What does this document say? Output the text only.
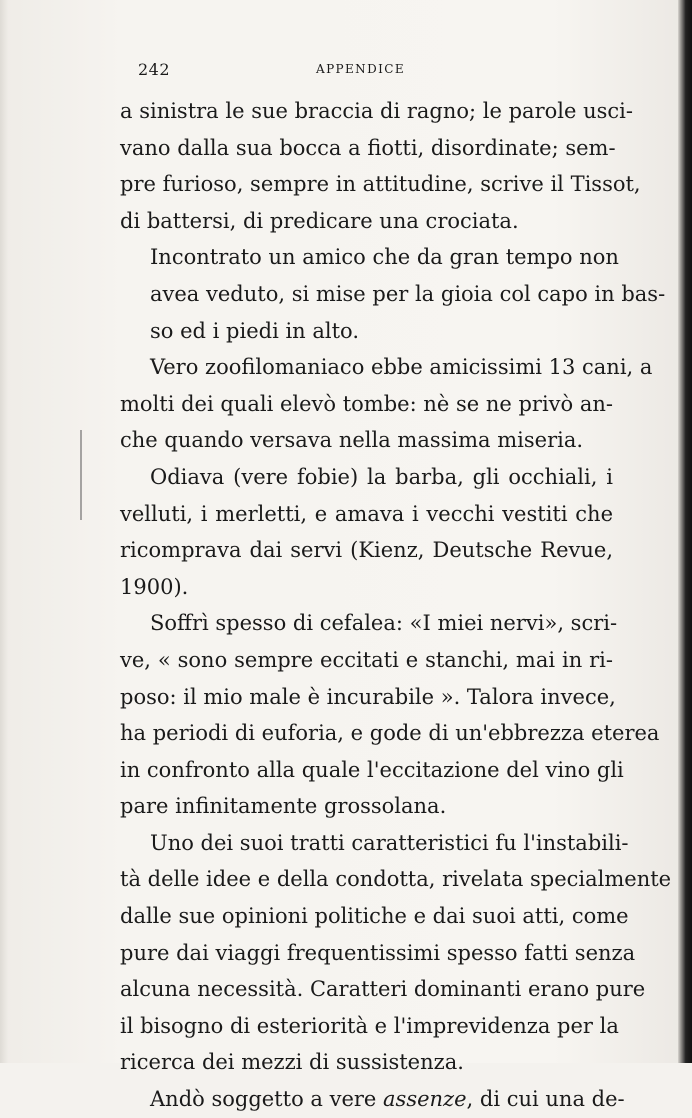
242	APPENDICE

a sinistra le sue braccia di ragno; le parole usci-
vano dalla sua bocca a fiotti, disordinate; sem-
pre furioso, sempre in attitudine, scrive il Tissot,
di battersi, di predicare una crociata.

Incontrato un amico che da gran tempo non
avea veduto, si mise per la gioia col capo in bas-
so ed i piedi in alto.

Vero zoofilomaniaco ebbe amicissimi 13 cani, a
molti dei quali elevò tombe: nè se ne privò an-
che quando versava nella massima miseria.

Odiava (vere fobie) la barba, gli occhiali, i
velluti, i merletti, e amava i vecchi vestiti che
ricomprava dai servi (Kienz, Deutsche Revue,
1900).

Soffrì spesso di cefalea: «I miei nervi», scri-
ve, « sono sempre eccitati e stanchi, mai in ri-
poso: il mio male è incurabile ». Talora invece,
ha periodi di euforia, e gode di un'ebbrezza eterea
in confronto alla quale l'eccitazione del vino gli
pare infinitamente grossolana.

Uno dei suoi tratti caratteristici fu l'instabili-
tà delle idee e della condotta, rivelata specialmente
dalle sue opinioni politiche e dai suoi atti, come
pure dai viaggi frequentissimi spesso fatti senza
alcuna necessità. Caratteri dominanti erano pure
il bisogno di esteriorità e l'imprevidenza per la
ricerca dei mezzi di sussistenza.

Andò soggetto a vere assenze, di cui una de-
